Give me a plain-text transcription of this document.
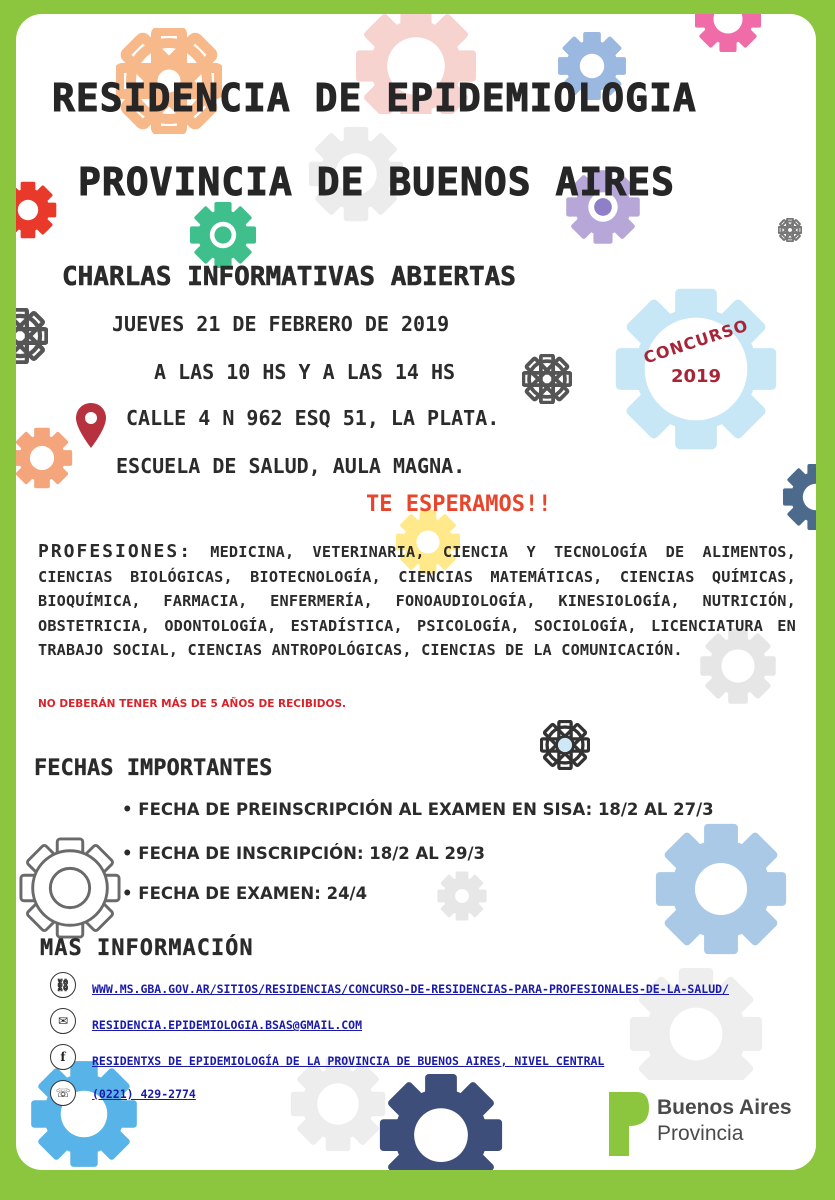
CONCURSO
2019
RESIDENCIA DE EPIDEMIOLOGIA
PROVINCIA DE BUENOS AIRES
CHARLAS INFORMATIVAS ABIERTAS
JUEVES 21 DE FEBRERO DE 2019
A LAS 10 HS Y A LAS 14 HS
CALLE 4 N 962 ESQ 51, LA PLATA.
ESCUELA DE SALUD, AULA MAGNA.
TE ESPERAMOS!!

PROFESIONES: MEDICINA, VETERINARIA, CIENCIA Y TECNOLOGÍA DE ALIMENTOS, CIENCIAS BIOLÓGICAS, BIOTECNOLOGÍA, CIENCIAS MATEMÁTICAS, CIENCIAS QUÍMICAS, BIOQUÍMICA, FARMACIA, ENFERMERÍA, FONOAUDIOLOGÍA, KINESIOLOGÍA, NUTRICIÓN, OBSTETRICIA, ODONTOLOGÍA, ESTADÍSTICA, PSICOLOGÍA, SOCIOLOGÍA, LICENCIATURA EN TRABAJO SOCIAL, CIENCIAS ANTROPOLÓGICAS, CIENCIAS DE LA COMUNICACIÓN.

NO DEBERÁN TENER MÁS DE 5 AÑOS DE RECIBIDOS.
FECHAS IMPORTANTES
• FECHA DE PREINSCRIPCIÓN AL EXAMEN EN SISA: 18/2 AL 27/3
• FECHA DE INSCRIPCIÓN: 18/2 AL 29/3
• FECHA DE EXAMEN: 24/4
MAS INFORMACIÓN
⛓	WWW.MS.GBA.GOV.AR/SITIOS/RESIDENCIAS/CONCURSO-DE-RESIDENCIAS-PARA-PROFESIONALES-DE-LA-SALUD/
✉	RESIDENCIA.EPIDEMIOLOGIA.BSAS@GMAIL.COM
f	RESIDENTXS DE EPIDEMIOLOGÍA DE LA PROVINCIA DE BUENOS AIRES, NIVEL CENTRAL
☏	(0221) 429-2774
Buenos Aires
Provincia
